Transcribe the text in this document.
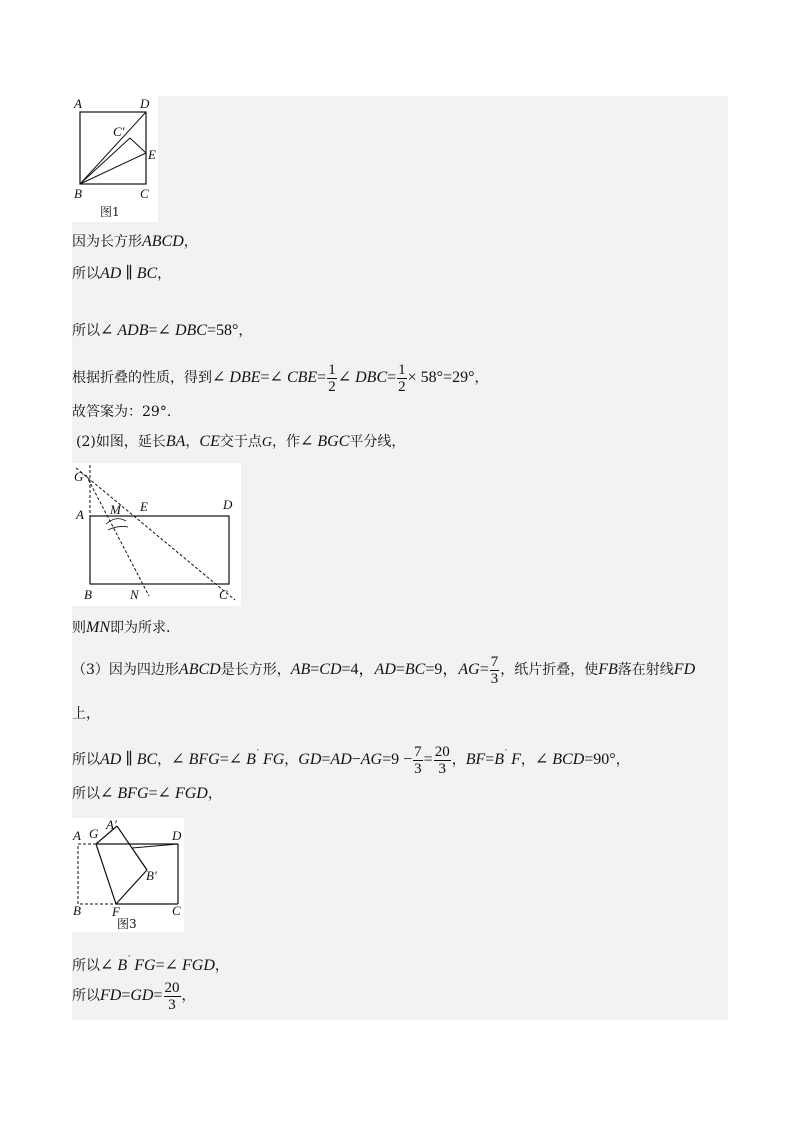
A	D
C′
E
B	C
图1
因为长方形ABCD，
所以AD ∥ BC，
所以∠ ADB=∠ DBC=58°，
根据折叠的性质，得到∠ DBE=∠ $CBE= \frac{1}{2}$ ∠ $DBC= \frac{1}{2} \times 58^\circ=29^\circ$，
故答案为：29°.
(2)如图，延长BA，CE交于点G，作∠ BGC平分线，
G
A M E	D
B	N	C
则MN即为所求.
（3）因为四边形ABCD是长方形，AB=CD=4，AD=BC=9，$AG= \frac{7}{3}$ ，纸片折叠，使FB落在射线FD
上，
所以AD ∥ BC，∠ BFG=∠ B′ FG，$GD=AD-AG=9 - \frac{7}{3} = \frac{20}{3}$ ，BF=B′ F，∠ BCD=90°，
所以∠ BFG=∠ FGD，
A G
A′
D
B′
B F	C
图3
所以∠ B′ FG=∠ FGD，
所以$FD=GD= \frac{20}{3}$ ，
